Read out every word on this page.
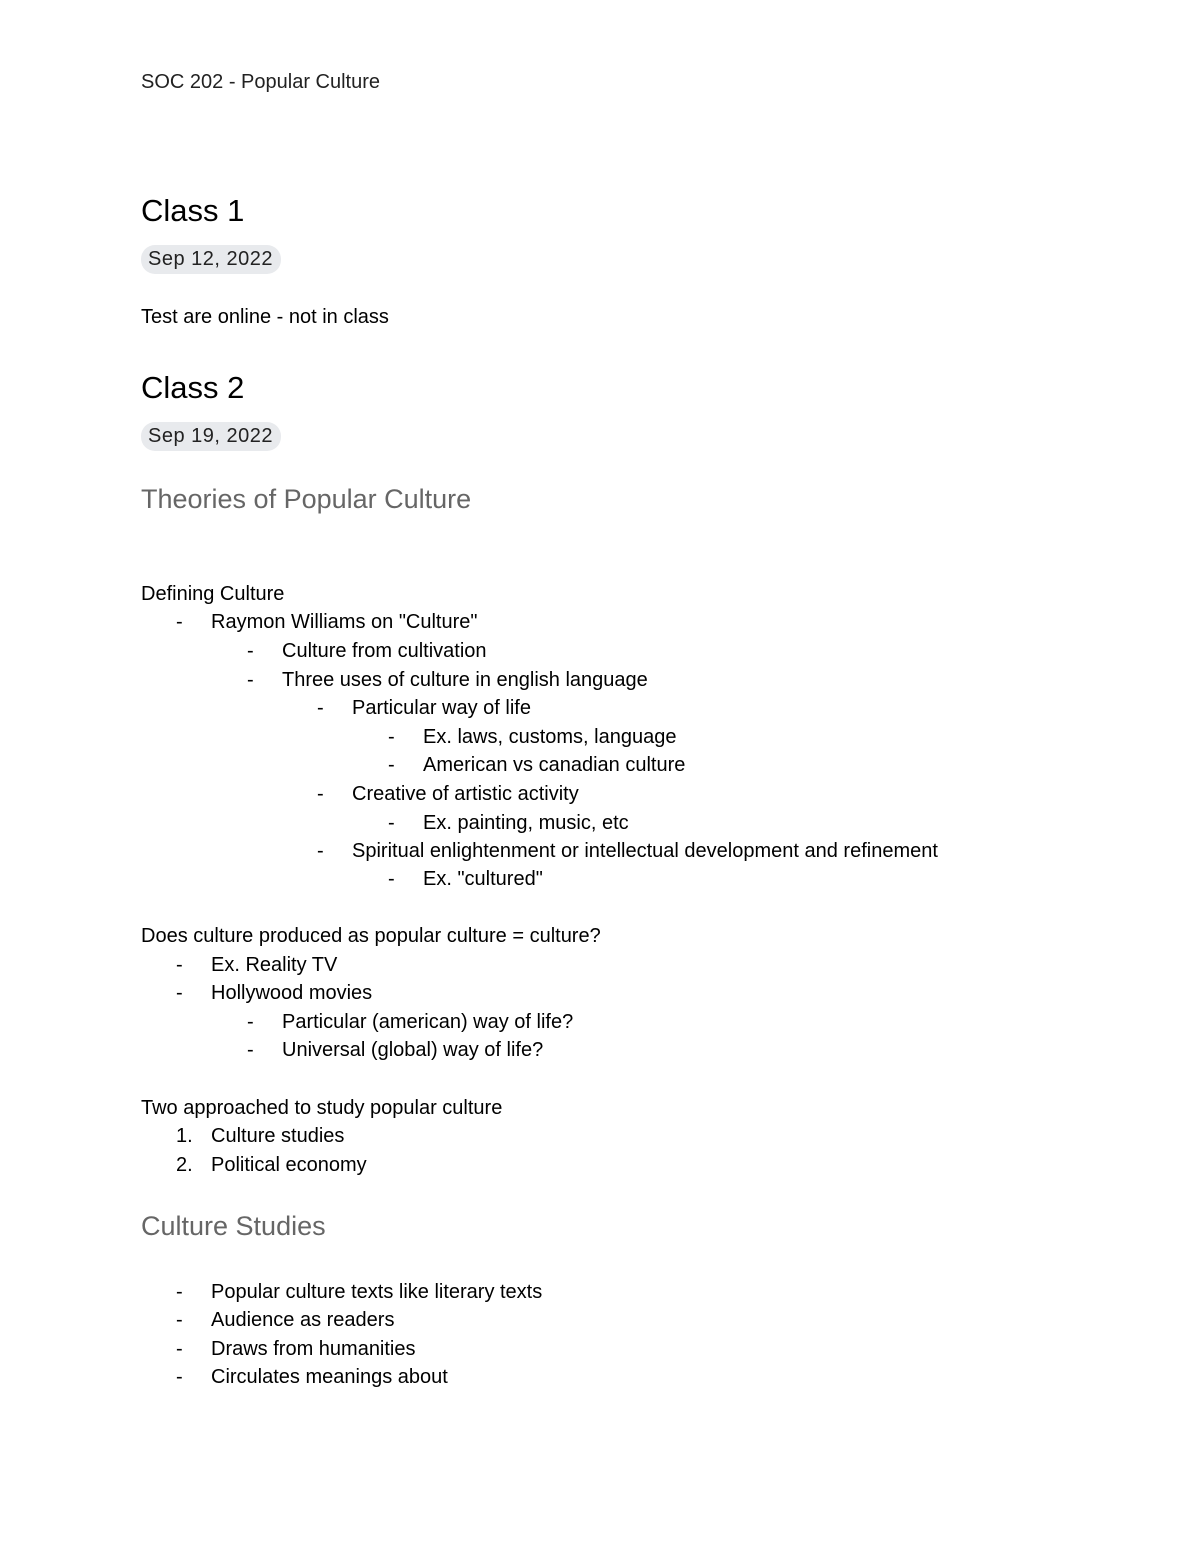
SOC 202 - Popular Culture
Class 1
Sep 12, 2022
Test are online - not in class
Class 2
Sep 19, 2022
Theories of Popular Culture
Defining Culture
- Raymon Williams on "Culture"
- Culture from cultivation
- Three uses of culture in english language
- Particular way of life
- Ex. laws, customs, language
- American vs canadian culture
- Creative of artistic activity
- Ex. painting, music, etc
- Spiritual enlightenment or intellectual development and refinement
- Ex. "cultured"
Does culture produced as popular culture = culture?
- Ex. Reality TV
- Hollywood movies
- Particular (american) way of life?
- Universal (global) way of life?
Two approached to study popular culture
1. Culture studies
2. Political economy
Culture Studies
- Popular culture texts like literary texts
- Audience as readers
- Draws from humanities
- Circulates meanings about
